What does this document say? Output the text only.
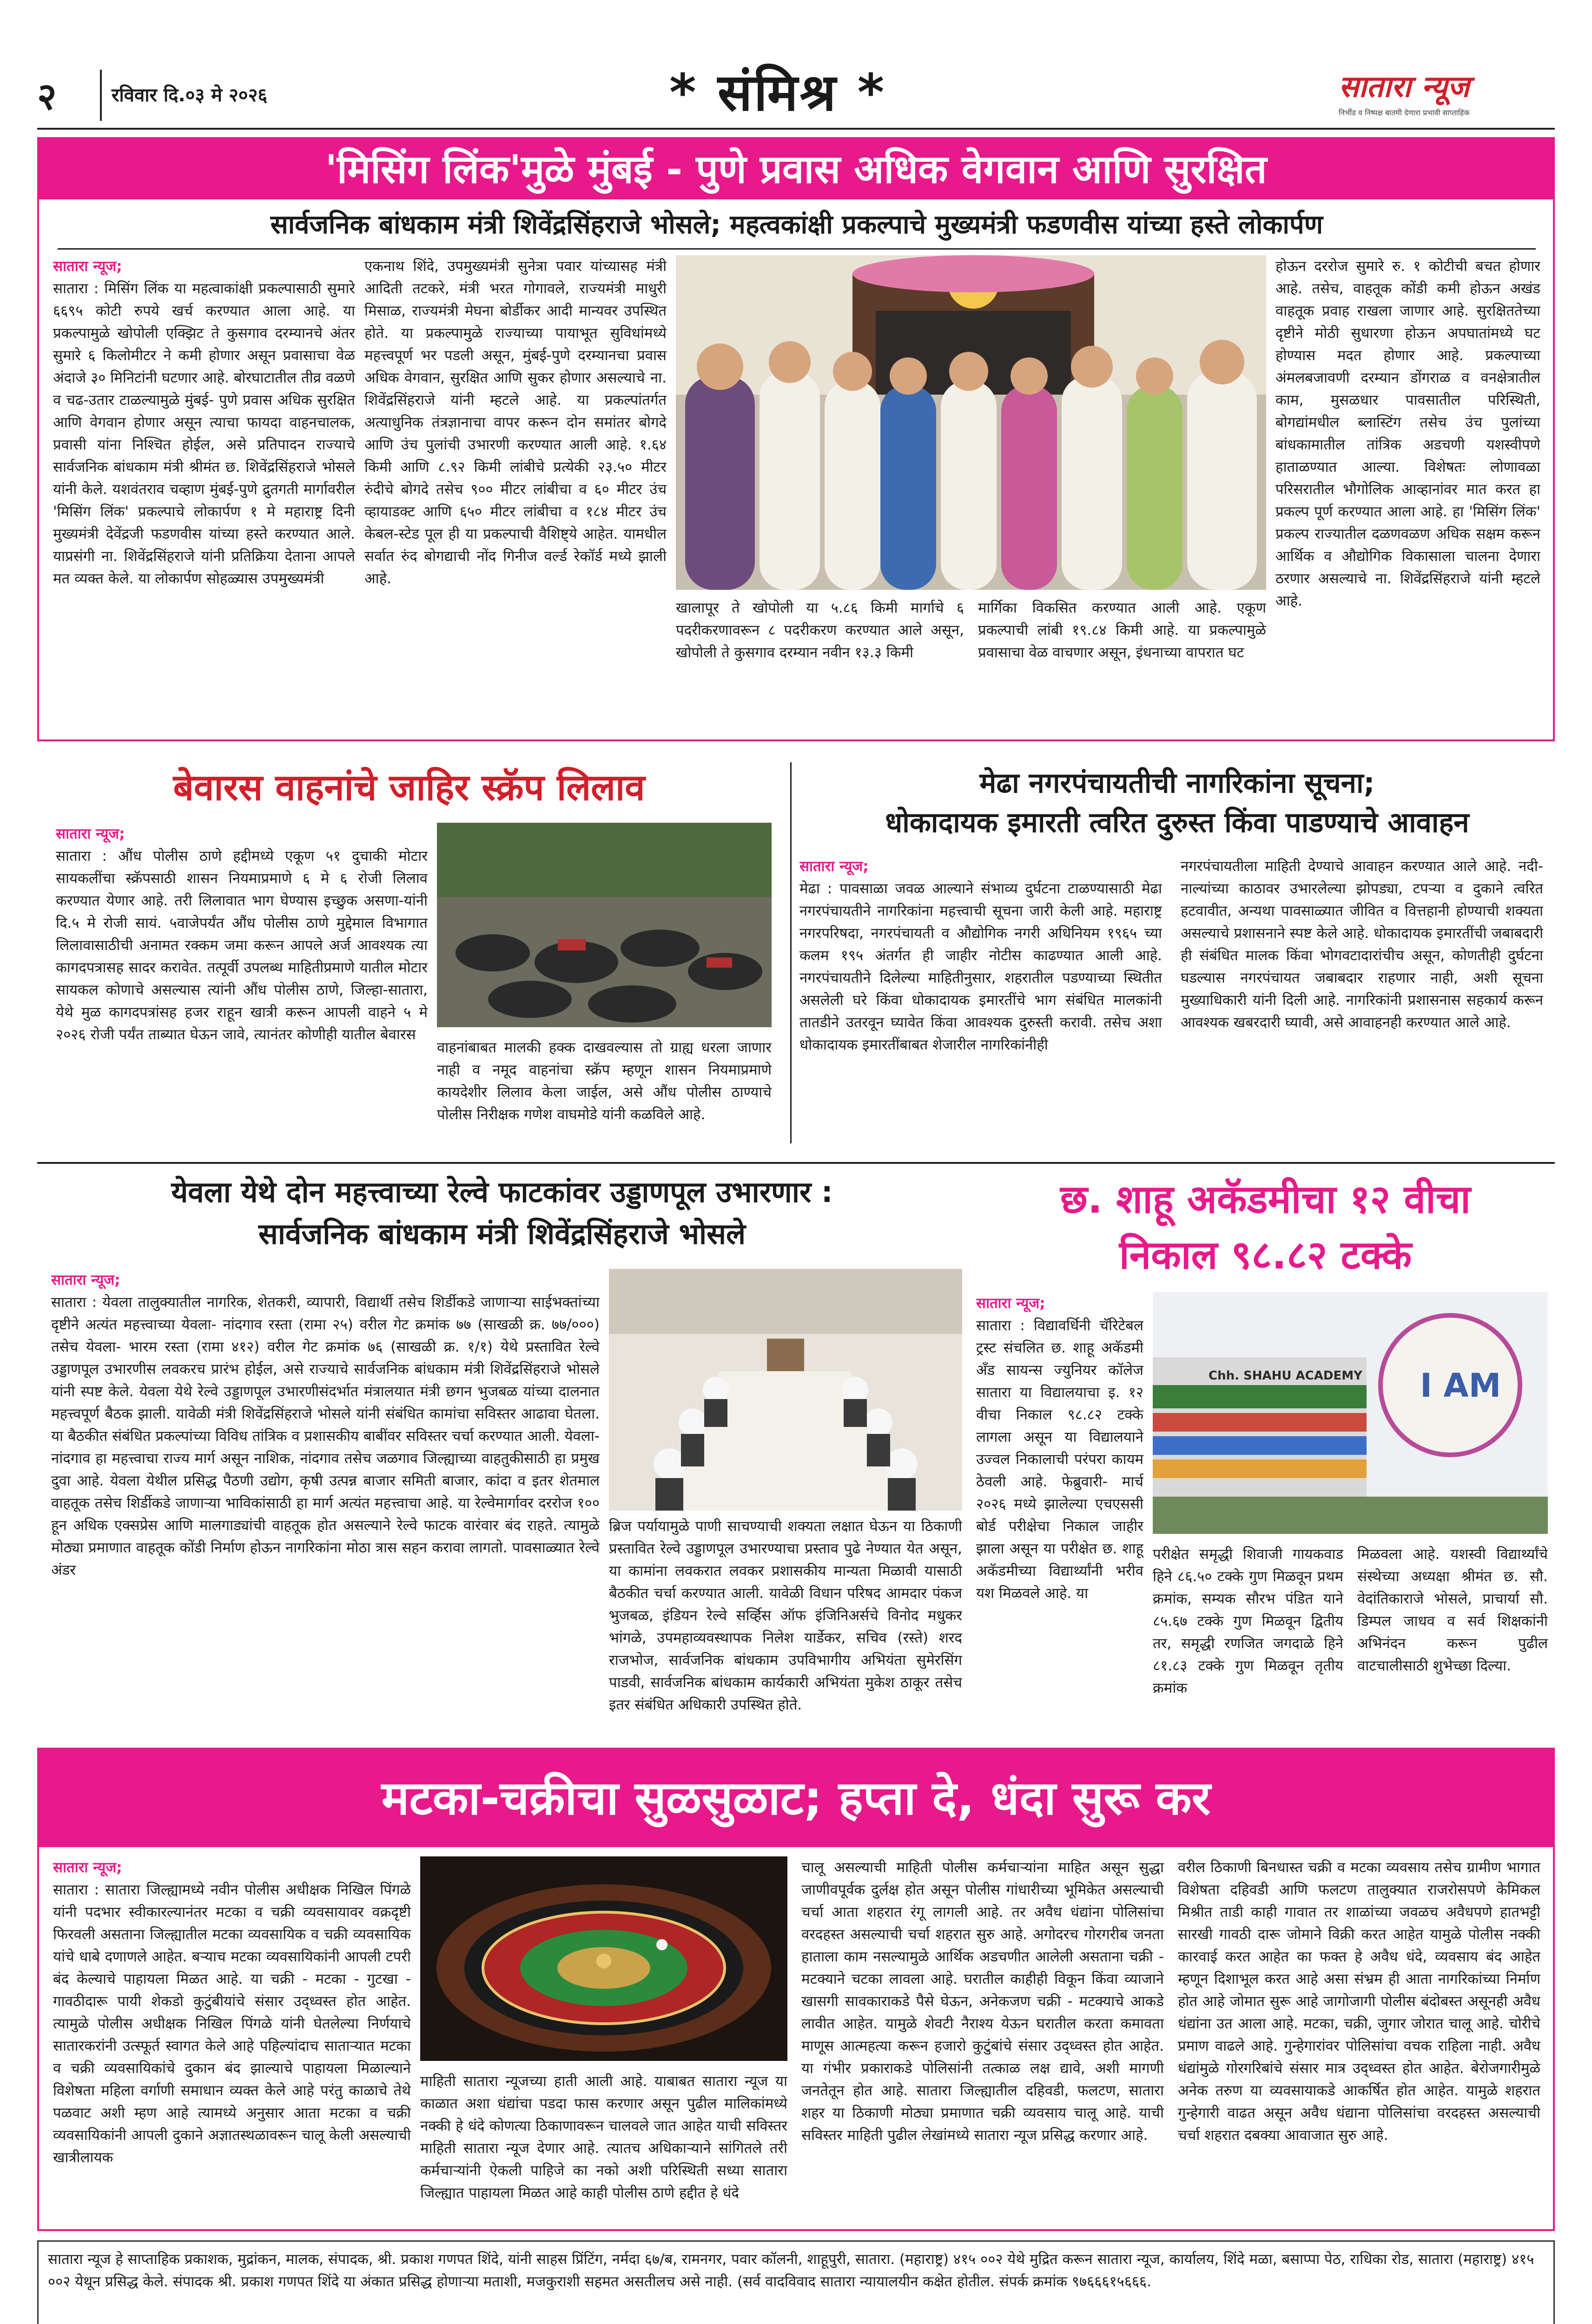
२	रविवार दि.०३ मे २०२६	* संमिश्र *	सातारा न्यूज
निर्भीड व निष्पक्ष बातमी देणारा प्रभावी साप्ताहिक
'मिसिंग लिंक'मुळे मुंबई - पुणे प्रवास अधिक वेगवान आणि सुरक्षित
सार्वजनिक बांधकाम मंत्री शिवेंद्रसिंहराजे भोसले; महत्वकांक्षी प्रकल्पाचे मुख्यमंत्री फडणवीस यांच्या हस्ते लोकार्पण
सातारा न्यूज;
सातारा : मिसिंग लिंक या महत्वाकांक्षी प्रकल्पासाठी सुमारे ६६९५ कोटी रुपये खर्च करण्यात आला आहे. या प्रकल्पामुळे खोपोली एक्झिट ते कुसगाव दरम्यानचे अंतर सुमारे ६ किलोमीटर ने कमी होणार असून प्रवासाचा वेळ अंदाजे ३० मिनिटांनी घटणार आहे. बोरघाटातील तीव्र वळणे व चढ-उतार टाळल्यामुळे मुंबई- पुणे प्रवास अधिक सुरक्षित आणि वेगवान होणार असून त्याचा फायदा वाहनचालक, प्रवासी यांना निश्चित होईल, असे प्रतिपादन राज्याचे सार्वजनिक बांधकाम मंत्री श्रीमंत छ. शिवेंद्रसिंहराजे भोसले यांनी केले. यशवंतराव चव्हाण मुंबई-पुणे द्रुतगती मार्गावरील 'मिसिंग लिंक' प्रकल्पाचे लोकार्पण १ मे महाराष्ट्र दिनी मुख्यमंत्री देवेंद्रजी फडणवीस यांच्या हस्ते करण्यात आले. याप्रसंगी ना. शिवेंद्रसिंहराजे यांनी प्रतिक्रिया देताना आपले मत व्यक्त केले. या लोकार्पण सोहळ्यास उपमुख्यमंत्री
एकनाथ शिंदे, उपमुख्यमंत्री सुनेत्रा पवार यांच्यासह मंत्री आदिती तटकरे, मंत्री भरत गोगावले, राज्यमंत्री माधुरी मिसाळ, राज्यमंत्री मेघना बोर्डीकर आदी मान्यवर उपस्थित होते. या प्रकल्पामुळे राज्याच्या पायाभूत सुविधांमध्ये महत्त्वपूर्ण भर पडली असून, मुंबई-पुणे दरम्यानचा प्रवास अधिक वेगवान, सुरक्षित आणि सुकर होणार असल्याचे ना. शिवेंद्रसिंहराजे यांनी म्हटले आहे. या प्रकल्पांतर्गत अत्याधुनिक तंत्रज्ञानाचा वापर करून दोन समांतर बोगदे आणि उंच पुलांची उभारणी करण्यात आली आहे. १.६४ किमी आणि ८.९२ किमी लांबीचे प्रत्येकी २३.५० मीटर रुंदीचे बोगदे तसेच ९०० मीटर लांबीचा व ६० मीटर उंच व्हायाडक्ट आणि ६५० मीटर लांबीचा व १८४ मीटर उंच केबल-स्टेड पूल ही या प्रकल्पाची वैशिष्ट्ये आहेत. यामधील सर्वात रुंद बोगद्याची नोंद गिनीज वर्ल्ड रेकॉर्ड मध्ये झाली आहे.
खालापूर ते खोपोली या ५.८६ किमी मार्गाचे ६ पदरीकरणावरून ८ पदरीकरण करण्यात आले असून, खोपोली ते कुसगाव दरम्यान नवीन १३.३ किमी
मार्गिका विकसित करण्यात आली आहे. एकूण प्रकल्पाची लांबी १९.८४ किमी आहे. या प्रकल्पामुळे प्रवासाचा वेळ वाचणार असून, इंधनाच्या वापरात घट
होऊन दररोज सुमारे रु. १ कोटीची बचत होणार आहे. तसेच, वाहतूक कोंडी कमी होऊन अखंड वाहतूक प्रवाह राखला जाणार आहे. सुरक्षिततेच्या दृष्टीने मोठी सुधारणा होऊन अपघातांमध्ये घट होण्यास मदत होणार आहे. प्रकल्पाच्या अंमलबजावणी दरम्यान डोंगराळ व वनक्षेत्रातील काम, मुसळधार पावसातील परिस्थिती, बोगद्यांमधील ब्लास्टिंग तसेच उंच पुलांच्या बांधकामातील तांत्रिक अडचणी यशस्वीपणे हाताळण्यात आल्या. विशेषतः लोणावळा परिसरातील भौगोलिक आव्हानांवर मात करत हा प्रकल्प पूर्ण करण्यात आला आहे. हा 'मिसिंग लिंक' प्रकल्प राज्यातील दळणवळण अधिक सक्षम करून आर्थिक व औद्योगिक विकासाला चालना देणारा ठरणार असल्याचे ना. शिवेंद्रसिंहराजे यांनी म्हटले आहे.
बेवारस वाहनांचे जाहिर स्क्रॅप लिलाव
सातारा न्यूज;
सातारा : औंध पोलीस ठाणे हद्दीमध्ये एकूण ५१ दुचाकी मोटार सायकलींचा स्क्रॅपसाठी शासन नियमाप्रमाणे ६ मे ६ रोजी लिलाव करण्यात येणार आहे. तरी लिलावात भाग घेण्यास इच्छुक असणा-यांनी दि.५ मे रोजी सायं. ५वाजेपर्यंत औंध पोलीस ठाणे मुद्देमाल विभागात लिलावासाठीची अनामत रक्कम जमा करून आपले अर्ज आवश्यक त्या कागदपत्रासह सादर करावेत. तत्पूर्वी उपलब्ध माहितीप्रमाणे यातील मोटार सायकल कोणाचे असल्यास त्यांनी औंध पोलीस ठाणे, जिल्हा-सातारा, येथे मुळ कागदपत्रांसह हजर राहून खात्री करून आपली वाहने ५ मे २०२६ रोजी पर्यंत ताब्यात घेऊन जावे, त्यानंतर कोणीही यातील बेवारस
वाहनांबाबत मालकी हक्क दाखवल्यास तो ग्राह्य धरला जाणार नाही व नमूद वाहनांचा स्क्रॅप म्हणून शासन नियमाप्रमाणे कायदेशीर लिलाव केला जाईल, असे औंध पोलीस ठाण्याचे पोलीस निरीक्षक गणेश वाघमोडे यांनी कळविले आहे.
मेढा नगरपंचायतीची नागरिकांना सूचना;
धोकादायक इमारती त्वरित दुरुस्त किंवा पाडण्याचे आवाहन
सातारा न्यूज;
मेढा : पावसाळा जवळ आल्याने संभाव्य दुर्घटना टाळण्यासाठी मेढा नगरपंचायतीने नागरिकांना महत्त्वाची सूचना जारी केली आहे. महाराष्ट्र नगरपरिषदा, नगरपंचायती व औद्योगिक नगरी अधिनियम १९६५ च्या कलम १९५ अंतर्गत ही जाहीर नोटीस काढण्यात आली आहे. नगरपंचायतीने दिलेल्या माहितीनुसार, शहरातील पडण्याच्या स्थितीत असलेली घरे किंवा धोकादायक इमारतींचे भाग संबंधित मालकांनी तातडीने उतरवून घ्यावेत किंवा आवश्यक दुरुस्ती करावी. तसेच अशा धोकादायक इमारतींबाबत शेजारील नागरिकांनीही
नगरपंचायतीला माहिती देण्याचे आवाहन करण्यात आले आहे. नदी-नाल्यांच्या काठावर उभारलेल्या झोपड्या, टपऱ्या व दुकाने त्वरित हटवावीत, अन्यथा पावसाळ्यात जीवित व वित्तहानी होण्याची शक्यता असल्याचे प्रशासनाने स्पष्ट केले आहे. धोकादायक इमारतींची जबाबदारी ही संबंधित मालक किंवा भोगवटादारांचीच असून, कोणतीही दुर्घटना घडल्यास नगरपंचायत जबाबदार राहणार नाही, अशी सूचना मुख्याधिकारी यांनी दिली आहे. नागरिकांनी प्रशासनास सहकार्य करून आवश्यक खबरदारी घ्यावी, असे आवाहनही करण्यात आले आहे.
येवला येथे दोन महत्त्वाच्या रेल्वे फाटकांवर उड्डाणपूल उभारणार :
सार्वजनिक बांधकाम मंत्री शिवेंद्रसिंहराजे भोसले
सातारा न्यूज;
सातारा : येवला तालुक्यातील नागरिक, शेतकरी, व्यापारी, विद्यार्थी तसेच शिर्डीकडे जाणाऱ्या साईभक्तांच्या दृष्टीने अत्यंत महत्त्वाच्या येवला- नांदगाव रस्ता (रामा २५) वरील गेट क्रमांक ७७ (साखळी क्र. ७७/०००) तसेच येवला- भारम रस्ता (रामा ४१२) वरील गेट क्रमांक ७६ (साखळी क्र. १/१) येथे प्रस्तावित रेल्वे उड्डाणपूल उभारणीस लवकरच प्रारंभ होईल, असे राज्याचे सार्वजनिक बांधकाम मंत्री शिवेंद्रसिंहराजे भोसले यांनी स्पष्ट केले. येवला येथे रेल्वे उड्डाणपूल उभारणीसंदर्भात मंत्रालयात मंत्री छगन भुजबळ यांच्या दालनात महत्त्वपूर्ण बैठक झाली. यावेळी मंत्री शिवेंद्रसिंहराजे भोसले यांनी संबंधित कामांचा सविस्तर आढावा घेतला. या बैठकीत संबंधित प्रकल्पांच्या विविध तांत्रिक व प्रशासकीय बाबींवर सविस्तर चर्चा करण्यात आली. येवला-नांदगाव हा महत्त्वाचा राज्य मार्ग असून नाशिक, नांदगाव तसेच जळगाव जिल्ह्याच्या वाहतुकीसाठी हा प्रमुख दुवा आहे. येवला येथील प्रसिद्ध पैठणी उद्योग, कृषी उत्पन्न बाजार समिती बाजार, कांदा व इतर शेतमाल वाहतूक तसेच शिर्डीकडे जाणाऱ्या भाविकांसाठी हा मार्ग अत्यंत महत्त्वाचा आहे. या रेल्वेमार्गावर दररोज १०० हून अधिक एक्सप्रेस आणि मालगाड्यांची वाहतूक होत असल्याने रेल्वे फाटक वारंवार बंद राहते. त्यामुळे मोठ्या प्रमाणात वाहतूक कोंडी निर्माण होऊन नागरिकांना मोठा त्रास सहन करावा लागतो. पावसाळ्यात रेल्वे अंडर
ब्रिज पर्यायामुळे पाणी साचण्याची शक्यता लक्षात घेऊन या ठिकाणी प्रस्तावित रेल्वे उड्डाणपूल उभारण्याचा प्रस्ताव पुढे नेण्यात येत असून, या कामांना लवकरात लवकर प्रशासकीय मान्यता मिळावी यासाठी बैठकीत चर्चा करण्यात आली. यावेळी विधान परिषद आमदार पंकज भुजबळ, इंडियन रेल्वे सर्व्हिस ऑफ इंजिनिअर्सचे विनोद मधुकर भांगळे, उपमहाव्यवस्थापक निलेश यार्डेकर, सचिव (रस्ते) शरद राजभोज, सार्वजनिक बांधकाम उपविभागीय अभियंता सुमेरसिंग पाडवी, सार्वजनिक बांधकाम कार्यकारी अभियंता मुकेश ठाकूर तसेच इतर संबंधित अधिकारी उपस्थित होते.
छ. शाहू अकॅडमीचा १२ वीचा
निकाल ९८.८२ टक्के
सातारा न्यूज;
सातारा : विद्यावर्धिनी चॅरिटेबल ट्रस्ट संचलित छ. शाहू अकॅडमी अँड सायन्स ज्युनियर कॉलेज सातारा या विद्यालयाचा इ. १२ वीचा निकाल ९८.८२ टक्के लागला असून या विद्यालयाने उज्वल निकालाची परंपरा कायम ठेवली आहे. फेब्रुवारी- मार्च २०२६ मध्ये झालेल्या एचएससी बोर्ड परीक्षेचा निकाल जाहीर झाला असून या परीक्षेत छ. शाहू अकॅडमीच्या विद्यार्थ्यांनी भरीव यश मिळवले आहे. या
Chh. SHAHU ACADEMY I AM
परीक्षेत समृद्धी शिवाजी गायकवाड हिने ८६.५० टक्के गुण मिळवून प्रथम क्रमांक, सम्यक सौरभ पंडित याने ८५.६७ टक्के गुण मिळवून द्वितीय तर, समृद्धी रणजित जगदाळे हिने ८१.८३ टक्के गुण मिळवून तृतीय क्रमांक
मिळवला आहे. यशस्वी विद्यार्थ्यांचे संस्थेच्या अध्यक्षा श्रीमंत छ. सौ. वेदांतिकाराजे भोसले, प्राचार्या सौ. डिम्पल जाधव व सर्व शिक्षकांनी अभिनंदन करून पुढील वाटचालीसाठी शुभेच्छा दिल्या.
मटका-चक्रीचा सुळसुळाट; हप्ता दे, धंदा सुरू कर
सातारा न्यूज;
सातारा : सातारा जिल्ह्यामध्ये नवीन पोलीस अधीक्षक निखिल पिंगळे यांनी पदभार स्वीकारल्यानंतर मटका व चक्री व्यवसायावर वक्रदृष्टी फिरवली असताना जिल्ह्यातील मटका व्यवसायिक व चक्री व्यवसायिक यांचे धाबे दणाणले आहेत. बऱ्याच मटका व्यवसायिकांनी आपली टपरी बंद केल्याचे पाहायला मिळत आहे. या चक्री - मटका - गुटखा - गावठीदारू पायी शेकडो कुटुंबीयांचे संसार उद्ध्वस्त होत आहेत. त्यामुळे पोलीस अधीक्षक निखिल पिंगळे यांनी घेतलेल्या निर्णयाचे सातारकरांनी उत्स्फूर्त स्वागत केले आहे पहिल्यांदाच सातार्‍यात मटका व चक्री व्यवसायिकांचे दुकान बंद झाल्याचे पाहायला मिळाल्याने विशेषता महिला वर्गाणी समाधान व्यक्त केले आहे परंतु काळाचे तेथे पळवाट अशी म्हण आहे त्यामध्ये अनुसार आता मटका व चक्री व्यवसायिकांनी आपली दुकाने अज्ञातस्थळावरून चालू केली असल्याची खात्रीलायक
माहिती सातारा न्यूजच्या हाती आली आहे. याबाबत सातारा न्यूज या काळात अशा धंद्यांचा पडदा फास करणार असून पुढील मालिकांमध्ये नक्की हे धंदे कोणत्या ठिकाणावरून चालवले जात आहेत याची सविस्तर माहिती सातारा न्यूज देणार आहे. त्यातच अधिकाऱ्याने सांगितले तरी कर्मचाऱ्यांनी ऐकली पाहिजे का नको अशी परिस्थिती सध्या सातारा जिल्ह्यात पाहायला मिळत आहे काही पोलीस ठाणे हद्दीत हे धंदे
चालू असल्याची माहिती पोलीस कर्मचाऱ्यांना माहित असून सुद्धा जाणीवपूर्वक दुर्लक्ष होत असून पोलीस गांधारीच्या भूमिकेत असल्याची चर्चा आता शहरात रंगू लागली आहे. तर अवैध धंद्यांना पोलिसांचा वरदहस्त असल्याची चर्चा शहरात सुरु आहे. अगोदरच गोरगरीब जनता हाताला काम नसल्यामुळे आर्थिक अडचणीत आलेली असताना चक्री - मटक्याने चटका लावला आहे. घरातील काहीही विकून किंवा व्याजाने खासगी सावकाराकडे पैसे घेऊन, अनेकजण चक्री - मटक्याचे आकडे लावीत आहेत. यामुळे शेवटी नैराश्य येऊन घरातील करता कमावता माणूस आत्महत्या करून हजारो कुटुंबांचे संसार उद्ध्वस्त होत आहेत. या गंभीर प्रकाराकडे पोलिसांनी तत्काळ लक्ष द्यावे, अशी मागणी जनतेतून होत आहे. सातारा जिल्ह्यातील दहिवडी, फलटण, सातारा शहर या ठिकाणी मोठ्या प्रमाणात चक्री व्यवसाय चालू आहे. याची सविस्तर माहिती पुढील लेखांमध्ये सातारा न्यूज प्रसिद्ध करणार आहे.
वरील ठिकाणी बिनधास्त चक्री व मटका व्यवसाय तसेच ग्रामीण भागात विशेषता दहिवडी आणि फलटण तालुक्यात राजरोसपणे केमिकल मिश्रीत ताडी काही गावात तर शाळांच्या जवळच अवैधपणे हातभट्टी सारखी गावठी दारू जोमाने विक्री करत आहेत यामुळे पोलीस नक्की कारवाई करत आहेत का फक्त हे अवैध धंदे, व्यवसाय बंद आहेत म्हणून दिशाभूल करत आहे असा संभ्रम ही आता नागरिकांच्या निर्माण होत आहे जोमात सुरू आहे जागोजागी पोलीस बंदोबस्त असूनही अवैध धंद्यांना उत आला आहे. मटका, चक्री, जुगार जोरात चालू आहे. चोरीचे प्रमाण वाढले आहे. गुन्हेगारांवर पोलिसांचा वचक राहिला नाही. अवैध धंद्यांमुळे गोरगरिबांचे संसार मात्र उद्ध्वस्त होत आहेत. बेरोजगारीमुळे अनेक तरुण या व्यवसायाकडे आकर्षित होत आहेत. यामुळे शहरात गुन्हेगारी वाढत असून अवैध धंद्याना पोलिसांचा वरदहस्त असल्याची चर्चा शहरात दबक्या आवाजात सुरु आहे.
सातारा न्यूज हे साप्ताहिक प्रकाशक, मुद्रांकन, मालक, संपादक, श्री. प्रकाश गणपत शिंदे, यांनी साहस प्रिंटिंग, नर्मदा ६७/ब, रामनगर, पवार कॉलनी, शाहूपुरी, सातारा. (महाराष्ट्र) ४१५ ००२ येथे मुद्रित करून सातारा न्यूज, कार्यालय, शिंदे मळा, बसाप्पा पेठ, राधिका रोड, सातारा (महाराष्ट्र) ४१५ ००२ येथून प्रसिद्ध केले. संपादक श्री. प्रकाश गणपत शिंदे या अंकात प्रसिद्ध होणाऱ्या मताशी, मजकुराशी सहमत असतीलच असे नाही. (सर्व वादविवाद सातारा न्यायालयीन कक्षेत होतील. संपर्क क्रमांक ९७६६६१५६६६.
